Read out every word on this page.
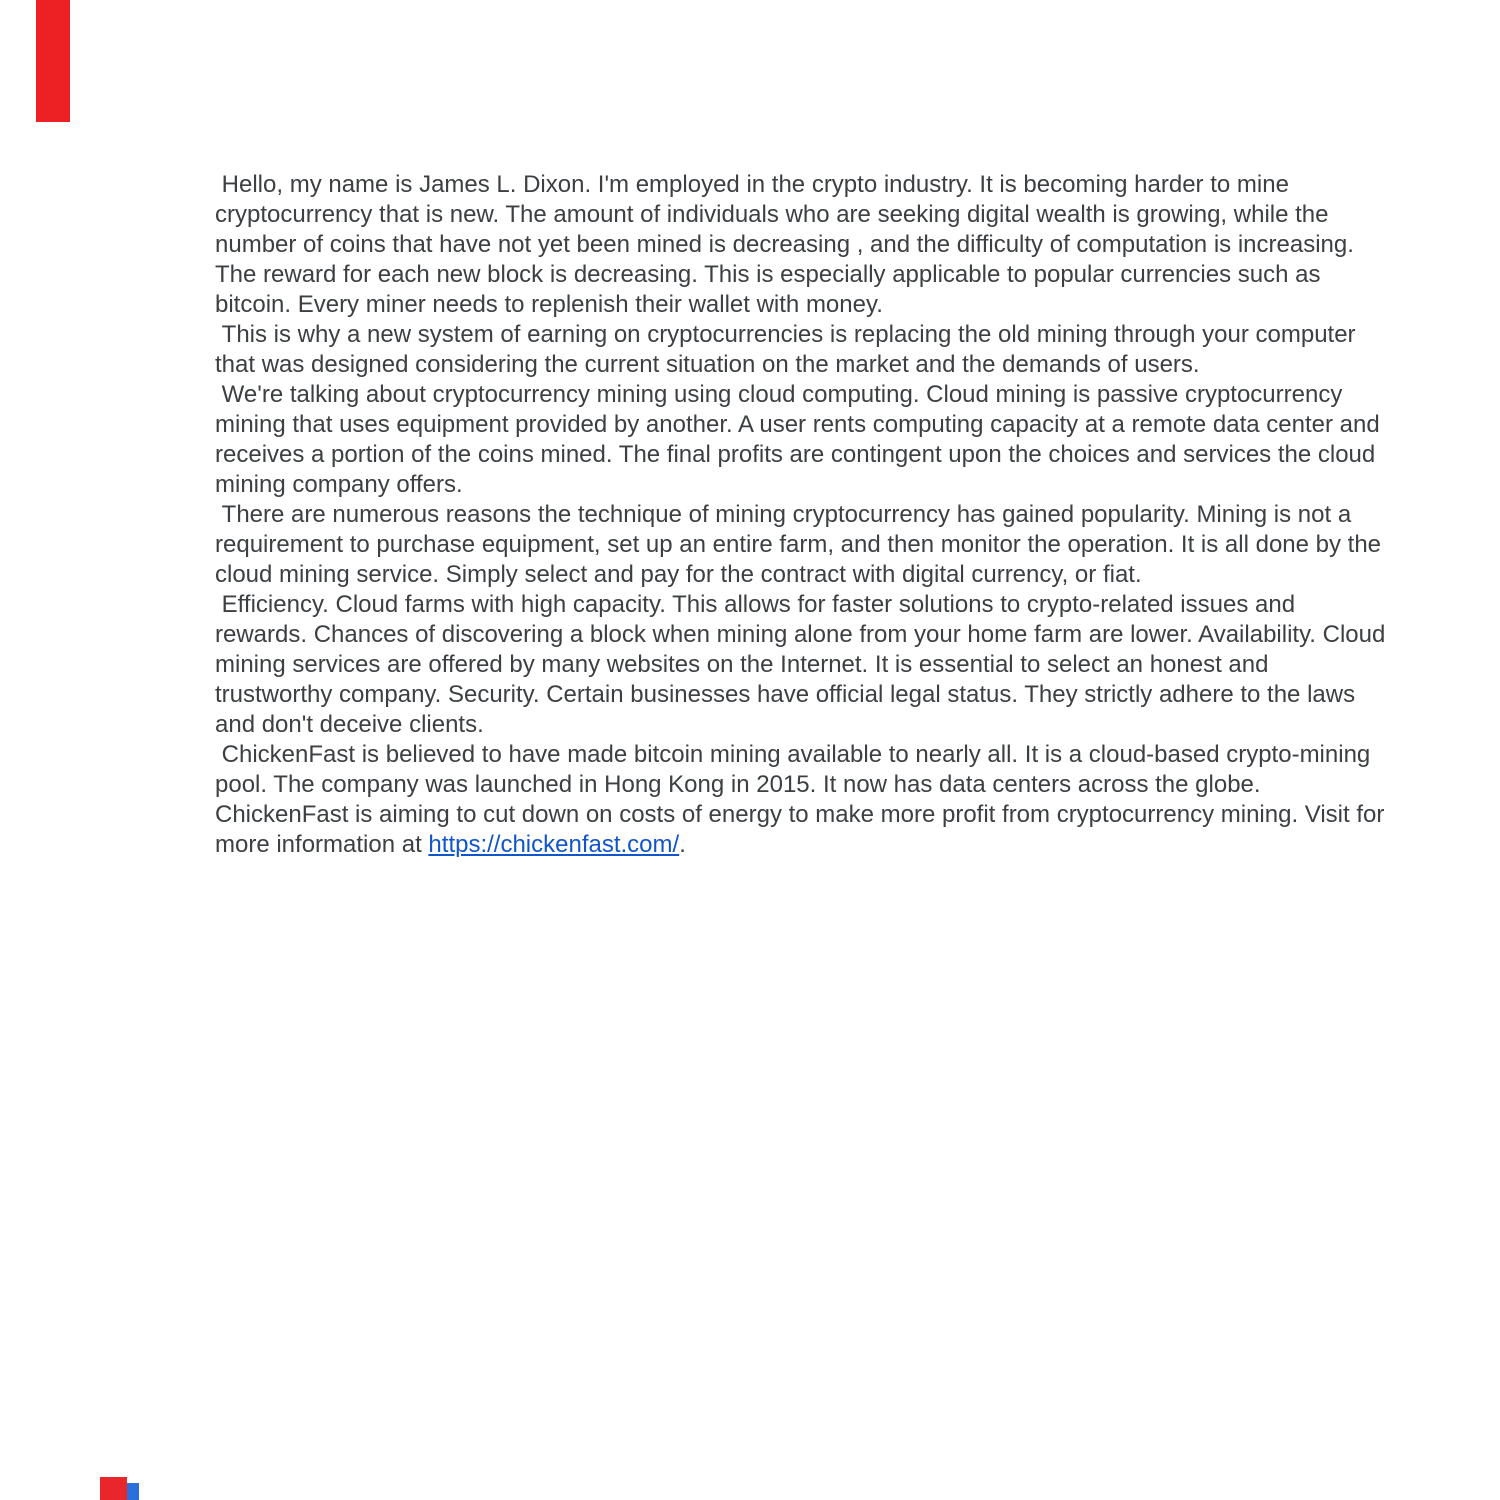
Hello, my name is James L. Dixon. I'm employed in the crypto industry. It is becoming harder to mine cryptocurrency that is new. The amount of individuals who are seeking digital wealth is growing, while the number of coins that have not yet been mined is decreasing , and the difficulty of computation is increasing. The reward for each new block is decreasing. This is especially applicable to popular currencies such as bitcoin. Every miner needs to replenish their wallet with money.

This is why a new system of earning on cryptocurrencies is replacing the old mining through your computer that was designed considering the current situation on the market and the demands of users.

We're talking about cryptocurrency mining using cloud computing. Cloud mining is passive cryptocurrency mining that uses equipment provided by another. A user rents computing capacity at a remote data center and receives a portion of the coins mined. The final profits are contingent upon the choices and services the cloud mining company offers.

There are numerous reasons the technique of mining cryptocurrency has gained popularity. Mining is not a requirement to purchase equipment, set up an entire farm, and then monitor the operation. It is all done by the cloud mining service. Simply select and pay for the contract with digital currency, or fiat.

Efficiency. Cloud farms with high capacity. This allows for faster solutions to crypto-related issues and rewards. Chances of discovering a block when mining alone from your home farm are lower. Availability. Cloud mining services are offered by many websites on the Internet. It is essential to select an honest and trustworthy company. Security. Certain businesses have official legal status. They strictly adhere to the laws and don't deceive clients.

ChickenFast is believed to have made bitcoin mining available to nearly all. It is a cloud-based crypto-mining pool. The company was launched in Hong Kong in 2015. It now has data centers across the globe. ChickenFast is aiming to cut down on costs of energy to make more profit from cryptocurrency mining. Visit for more information at https://chickenfast.com/.
